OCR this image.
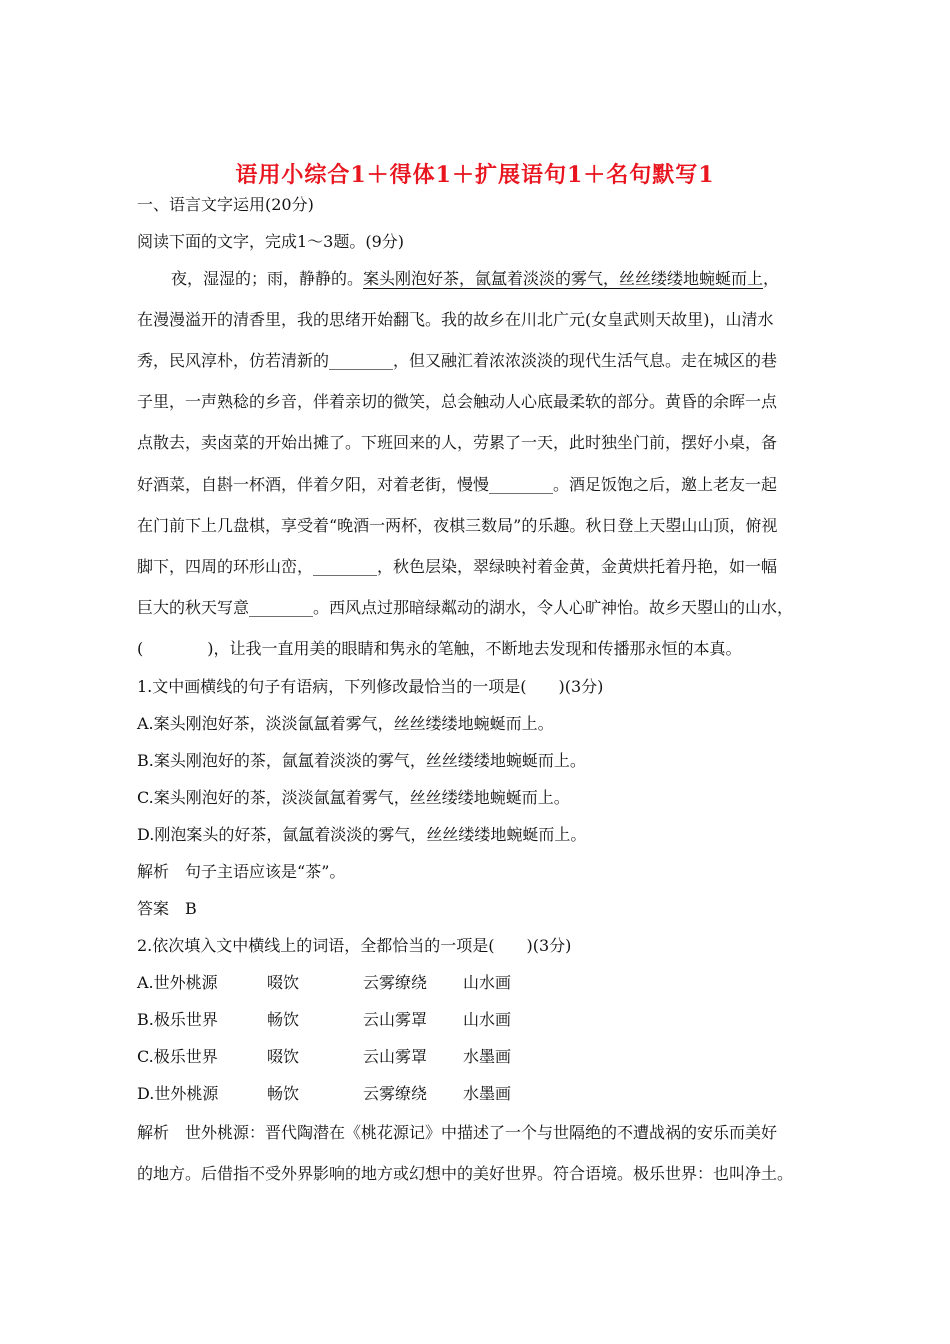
语用小综合1＋得体1＋扩展语句1＋名句默写1
一、语言文字运用(20分)
阅读下面的文字，完成1～3题。(9分)
夜，湿湿的；雨，静静的。案头刚泡好茶，氤氲着淡淡的雾气，丝丝缕缕地蜿蜒而上，
在漫漫溢开的清香里，我的思绪开始翻飞。我的故乡在川北广元(女皇武则天故里)，山清水
秀，民风淳朴，仿若清新的________，但又融汇着浓浓淡淡的现代生活气息。走在城区的巷
子里，一声熟稔的乡音，伴着亲切的微笑，总会触动人心底最柔软的部分。黄昏的余晖一点
点散去，卖卤菜的开始出摊了。下班回来的人，劳累了一天，此时独坐门前，摆好小桌，备
好酒菜，自斟一杯酒，伴着夕阳，对着老街，慢慢________。酒足饭饱之后，邀上老友一起
在门前下上几盘棋，享受着“晚酒一两杯，夜棋三数局”的乐趣。秋日登上天曌山山顶，俯视
脚下，四周的环形山峦，________，秋色层染，翠绿映衬着金黄，金黄烘托着丹艳，如一幅
巨大的秋天写意________。西风点过那暗绿粼动的湖水，令人心旷神怡。故乡天曌山的山水，
(　　　　)，让我一直用美的眼睛和隽永的笔触，不断地去发现和传播那永恒的本真。
1.文中画横线的句子有语病，下列修改最恰当的一项是(　　)(3分)
A.案头刚泡好茶，淡淡氤氲着雾气，丝丝缕缕地蜿蜒而上。
B.案头刚泡好的茶，氤氲着淡淡的雾气，丝丝缕缕地蜿蜒而上。
C.案头刚泡好的茶，淡淡氤氲着雾气，丝丝缕缕地蜿蜒而上。
D.刚泡案头的好茶，氤氲着淡淡的雾气，丝丝缕缕地蜿蜒而上。
解析 句子主语应该是“茶”。
答案 B
2.依次填入文中横线上的词语，全都恰当的一项是(　　)(3分)
A.世外桃源	啜饮	云雾缭绕 山水画
B.极乐世界	畅饮	云山雾罩 山水画
C.极乐世界	啜饮	云山雾罩 水墨画
D.世外桃源	畅饮	云雾缭绕 水墨画
解析 世外桃源：晋代陶潜在《桃花源记》中描述了一个与世隔绝的不遭战祸的安乐而美好
的地方。后借指不受外界影响的地方或幻想中的美好世界。符合语境。极乐世界：也叫净土。
